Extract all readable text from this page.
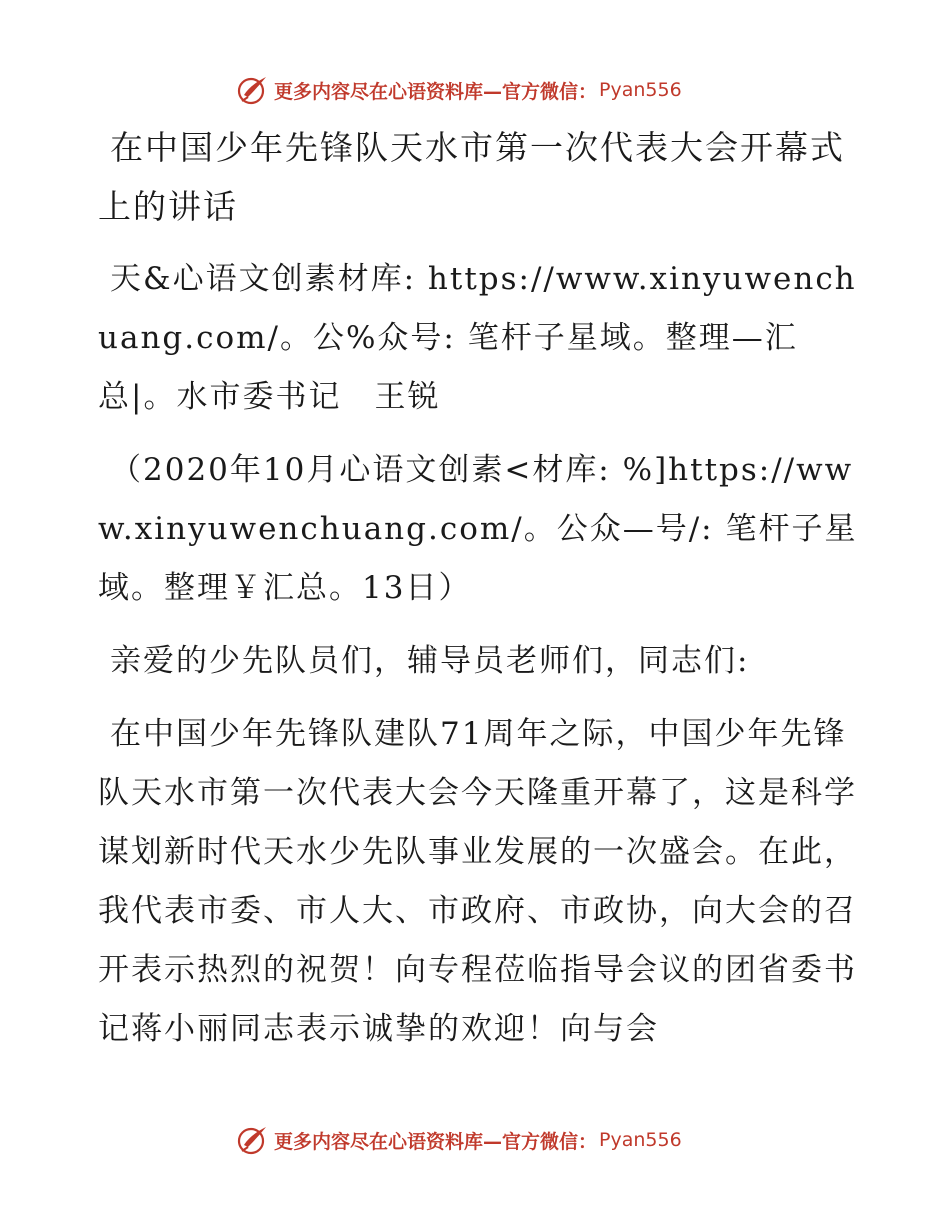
更多内容尽在心语资料库—官方微信： Pyan556

在中国少年先锋队天水市第一次代表大会开幕式上的讲话

天&心语文创素材库: https://www.xinyuwenchuang.com/。公%众号: 笔杆子星域。整理—汇总|。水市委书记　王锐

（2020年10月心语文创素<材库: %]https://www.xinyuwenchuang.com/。公众—号/: 笔杆子星域。整理￥汇总。13日）

亲爱的少先队员们，辅导员老师们，同志们:

在中国少年先锋队建队71周年之际，中国少年先锋队天水市第一次代表大会今天隆重开幕了，这是科学谋划新时代天水少先队事业发展的一次盛会。在此，我代表市委、市人大、市政府、市政协，向大会的召开表示热烈的祝贺！向专程莅临指导会议的团省委书记蒋小丽同志表示诚挚的欢迎！向与会

更多内容尽在心语资料库—官方微信： Pyan556
